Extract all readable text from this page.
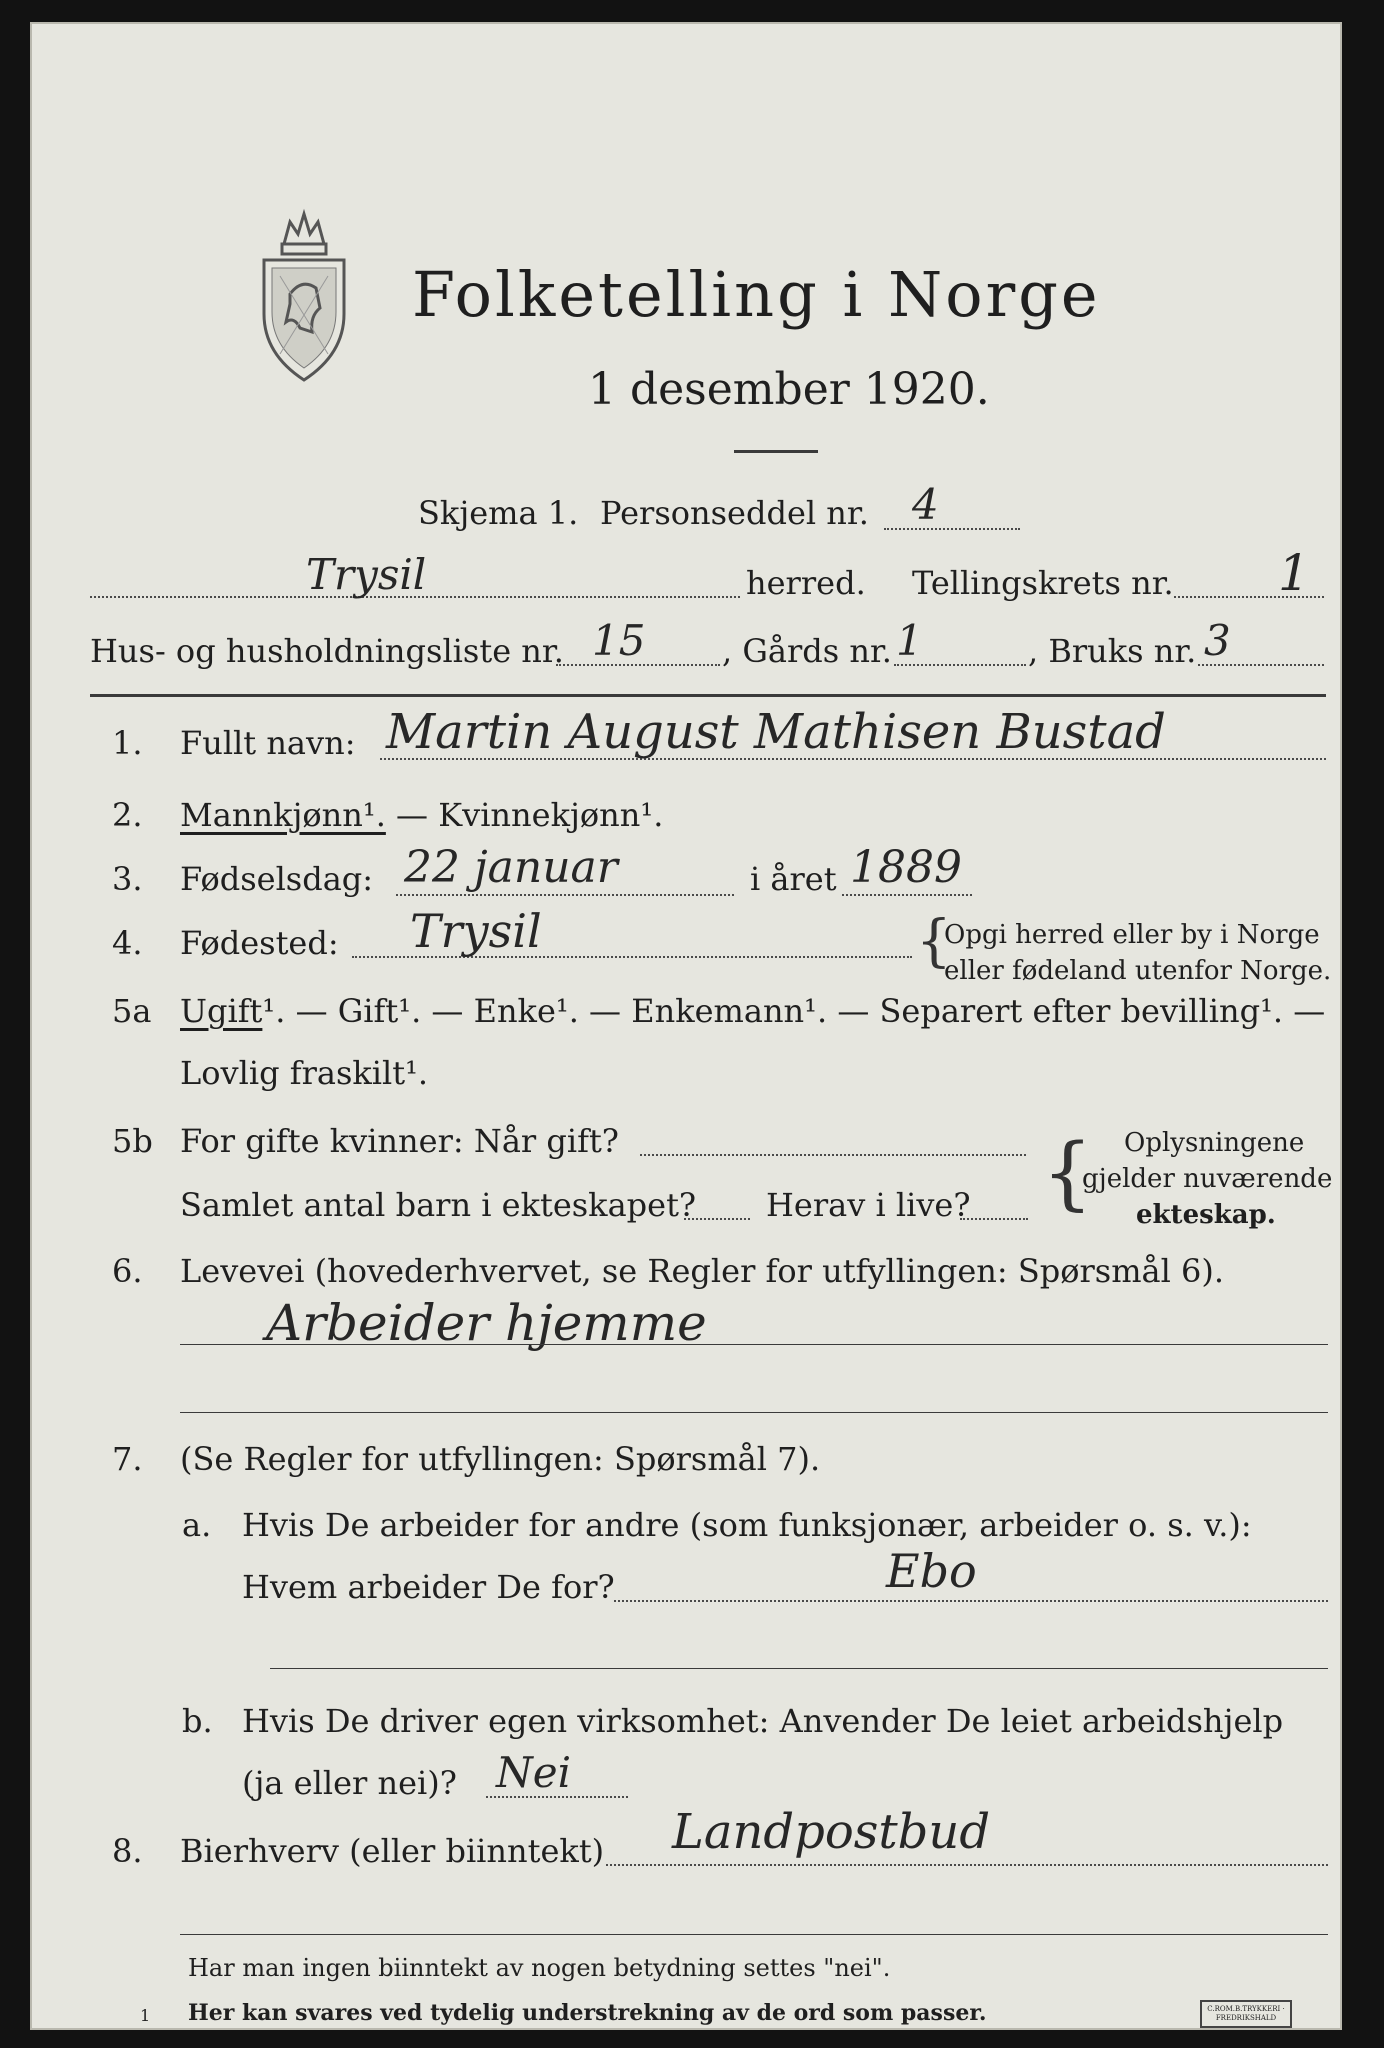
Folketelling i Norge
1 desember 1920.
Skjema 1. Personseddel nr. 4
Trysil	herred. Tellingskrets nr. 1
Hus- og husholdningsliste nr. 15 , Gårds nr. 1	, Bruks nr. 3
1. Fullt navn: Martin August Mathisen Bustad
2. Mannkjønn¹. — Kvinnekjønn¹.
3. Fødselsdag: 22 januar	i året 1889
4. Fødested: Trysil	{
Opgi herred eller by i Norge
eller fødeland utenfor Norge.
5a Ugift¹. — Gift¹. — Enke¹. — Enkemann¹. — Separert efter bevilling¹. —
Lovlig fraskilt¹.
5b For gifte kvinner: Når gift?
Samlet antal barn i ekteskapet? Herav i live? { Oplysningene
gjelder nuværende
ekteskap.
6. Levevei (hovederhvervet, se Regler for utfyllingen: Spørsmål 6).
Arbeider hjemme
7. (Se Regler for utfyllingen: Spørsmål 7).
a. Hvis De arbeider for andre (som funksjonær, arbeider o. s. v.):
Hvem arbeider De for?	Ebo
b. Hvis De driver egen virksomhet: Anvender De leiet arbeidshjelp
(ja eller nei)? Nei
8. Bierhverv (eller biinntekt) Landpostbud
Har man ingen biinntekt av nogen betydning settes "nei".
1 Her kan svares ved tydelig understrekning av de ord som passer.	C.ROM.B.TRYKKERI · FREDRIKSHALD
